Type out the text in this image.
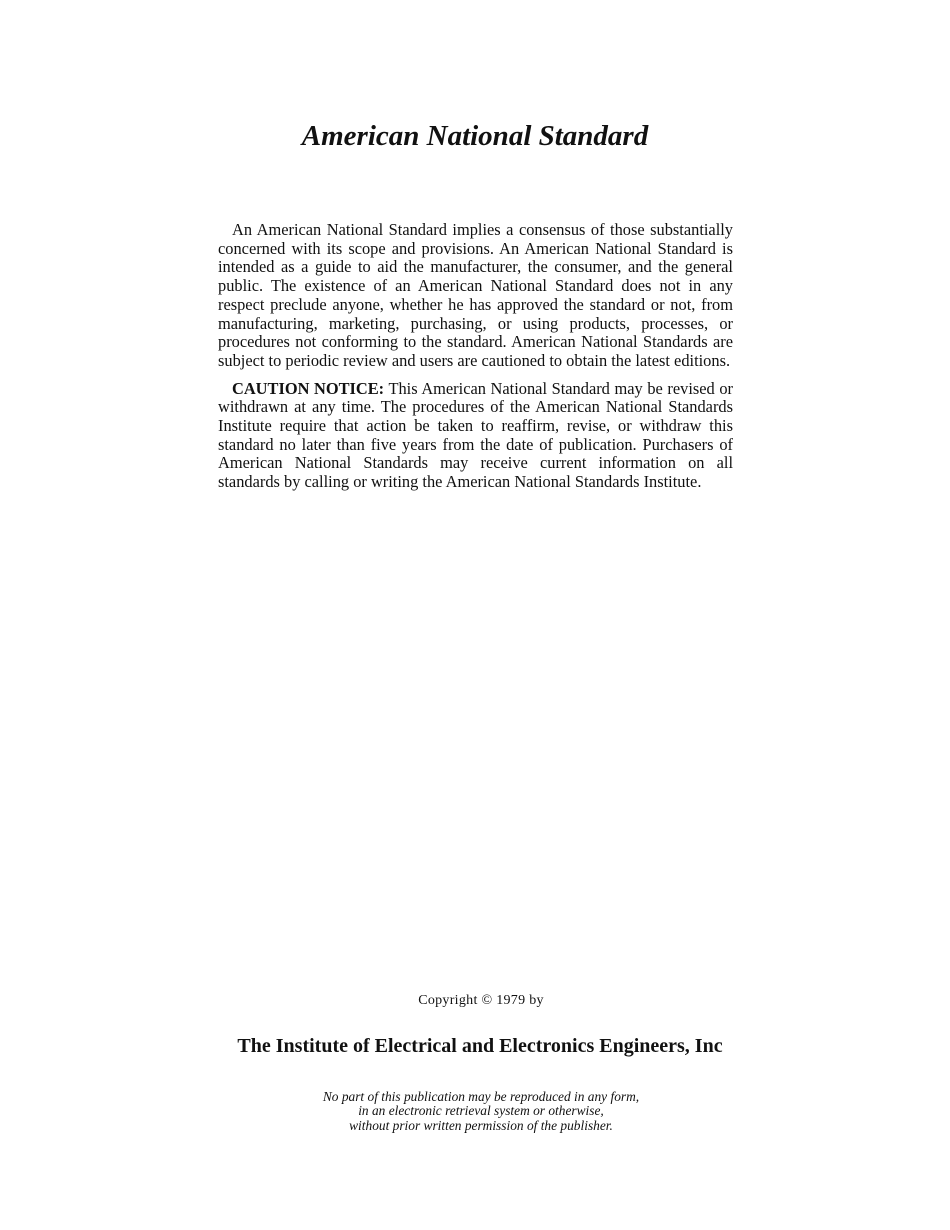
American National Standard

An American National Standard implies a consensus of those substantially concerned with its scope and provisions. An American National Standard is intended as a guide to aid the manufacturer, the consumer, and the general public. The existence of an American National Standard does not in any respect preclude anyone, whether he has approved the standard or not, from manufacturing, marketing, purchasing, or using products, processes, or procedures not conforming to the standard. American National Standards are subject to periodic review and users are cautioned to obtain the latest editions.

CAUTION NOTICE: This American National Standard may be revised or withdrawn at any time. The procedures of the American National Standards Institute require that action be taken to reaffirm, revise, or withdraw this standard no later than five years from the date of publication. Purchasers of American National Standards may receive current information on all standards by calling or writing the American National Standards Institute.

Copyright © 1979 by
The Institute of Electrical and Electronics Engineers, Inc
No part of this publication may be reproduced in any form,
in an electronic retrieval system or otherwise,
without prior written permission of the publisher.
